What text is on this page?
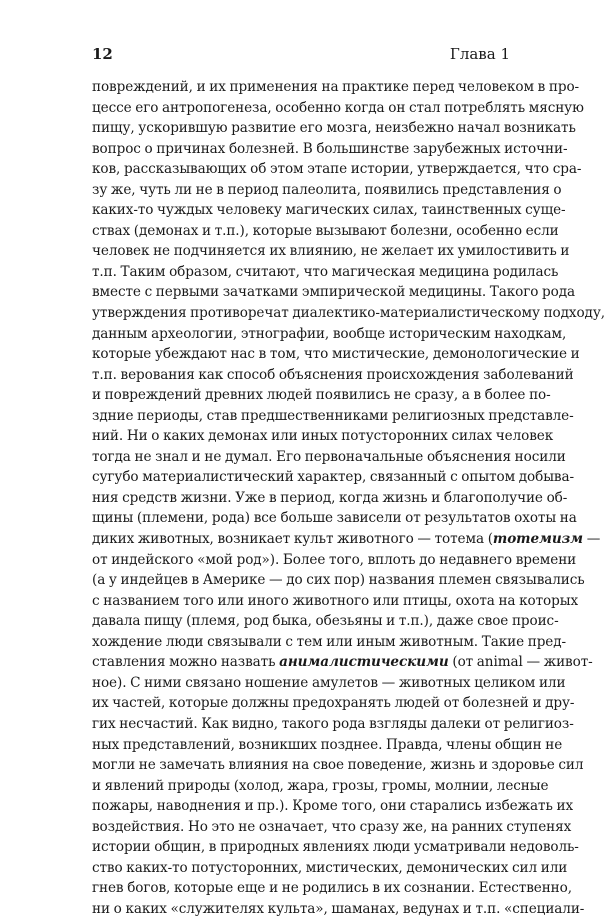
12	Глава 1
повреждений, и их применения на практике перед человеком в про-
цессе его антропогенеза, особенно когда он стал потреблять мясную
пищу, ускорившую развитие его мозга, неизбежно начал возникать
вопрос о причинах болезней. В большинстве зарубежных источни-
ков, рассказывающих об этом этапе истории, утверждается, что сра-
зу же, чуть ли не в период палеолита, появились представления о
каких-то чуждых человеку магических силах, таинственных суще-
ствах (демонах и т.п.), которые вызывают болезни, особенно если
человек не подчиняется их влиянию, не желает их умилостивить и
т.п. Таким образом, считают, что магическая медицина родилась
вместе с первыми зачатками эмпирической медицины. Такого рода
утверждения противоречат диалектико-материалистическому подходу,
данным археологии, этнографии, вообще историческим находкам,
которые убеждают нас в том, что мистические, демонологические и
т.п. верования как способ объяснения происхождения заболеваний
и повреждений древних людей появились не сразу, а в более по-
здние периоды, став предшественниками религиозных представле-
ний. Ни о каких демонах или иных потусторонних силах человек
тогда не знал и не думал. Его первоначальные объяснения носили
сугубо материалистический характер, связанный с опытом добыва-
ния средств жизни. Уже в период, когда жизнь и благополучие об-
щины (племени, рода) все больше зависели от результатов охоты на
диких животных, возникает культ животного — тотема (тотемизм —
от индейского «мой род»). Более того, вплоть до недавнего времени
(а у индейцев в Америке — до сих пор) названия племен связывались
с названием того или иного животного или птицы, охота на которых
давала пищу (племя, род быка, обезьяны и т.п.), даже свое проис-
хождение люди связывали с тем или иным животным. Такие пред-
ставления можно назвать анималистическими (от animal — живот-
ное). С ними связано ношение амулетов — животных целиком или
их частей, которые должны предохранять людей от болезней и дру-
гих несчастий. Как видно, такого рода взгляды далеки от религиоз-
ных представлений, возникших позднее. Правда, члены общин не
могли не замечать влияния на свое поведение, жизнь и здоровье сил
и явлений природы (холод, жара, грозы, громы, молнии, лесные
пожары, наводнения и пр.). Кроме того, они старались избежать их
воздействия. Но это не означает, что сразу же, на ранних ступенях
истории общин, в природных явлениях люди усматривали недоволь-
ство каких-то потусторонних, мистических, демонических сил или
гнев богов, которые еще и не родились в их сознании. Естественно,
ни о каких «служителях культа», шаманах, ведунах и т.п. «специали-
